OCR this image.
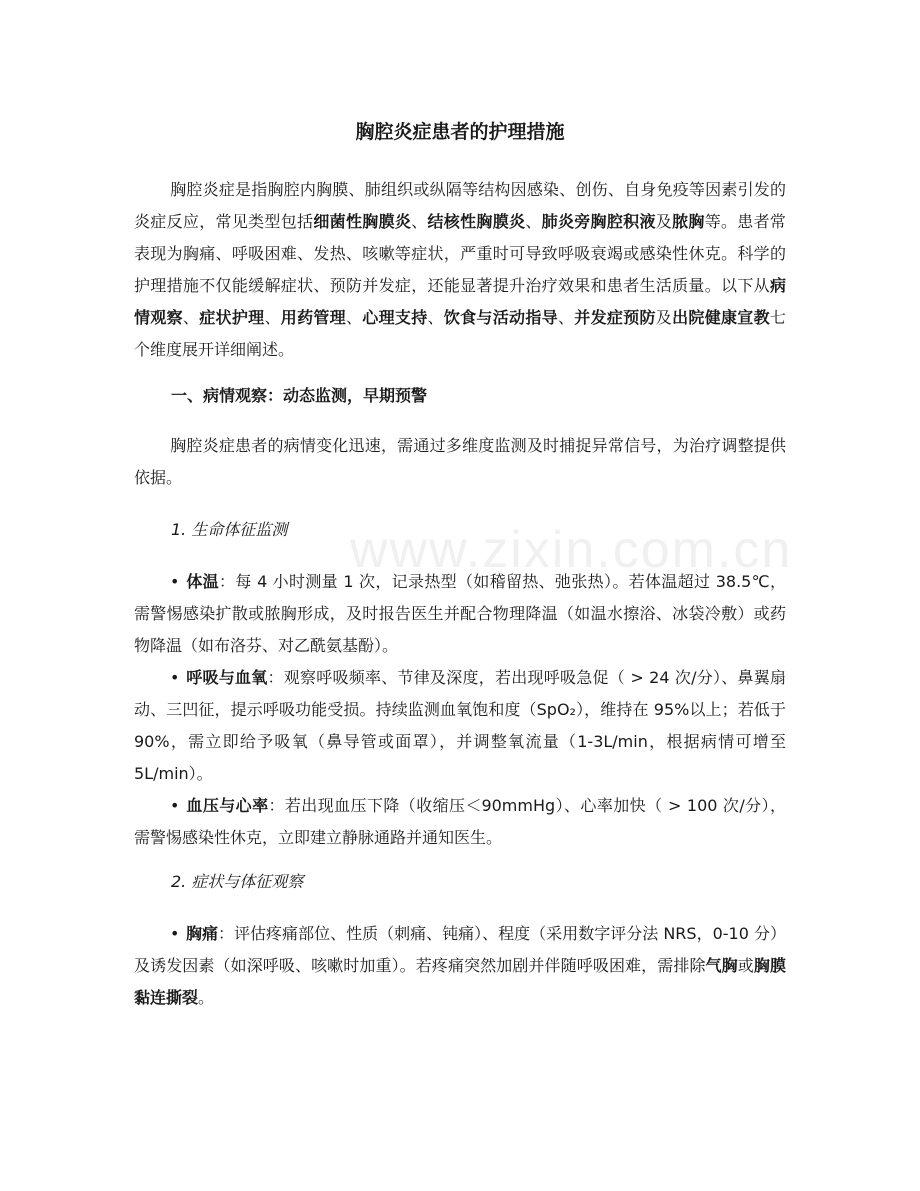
www.zixin.com.cn
胸腔炎症患者的护理措施

胸腔炎症是指胸腔内胸膜、肺组织或纵隔等结构因感染、创伤、自身免疫等因素引发的炎症反应，常见类型包括细菌性胸膜炎、结核性胸膜炎、肺炎旁胸腔积液及脓胸等。患者常表现为胸痛、呼吸困难、发热、咳嗽等症状，严重时可导致呼吸衰竭或感染性休克。科学的护理措施不仅能缓解症状、预防并发症，还能显著提升治疗效果和患者生活质量。以下从病情观察、症状护理、用药管理、心理支持、饮食与活动指导、并发症预防及出院健康宣教七个维度展开详细阐述。

一、病情观察：动态监测，早期预警

胸腔炎症患者的病情变化迅速，需通过多维度监测及时捕捉异常信号，为治疗调整提供依据。

1. 生命体征监测

• 体温：每 4 小时测量 1 次，记录热型（如稽留热、弛张热）。若体温超过 38.5℃，需警惕感染扩散或脓胸形成，及时报告医生并配合物理降温（如温水擦浴、冰袋冷敷）或药物降温（如布洛芬、对乙酰氨基酚）。
• 呼吸与血氧：观察呼吸频率、节律及深度，若出现呼吸急促（ > 24 次/分）、鼻翼扇动、三凹征，提示呼吸功能受损。持续监测血氧饱和度（SpO₂），维持在 95%以上；若低于 90%，需立即给予吸氧（鼻导管或面罩），并调整氧流量（1-3L/min，根据病情可增至 5L/min）。
• 血压与心率：若出现血压下降（收缩压＜90mmHg）、心率加快（ > 100 次/分），需警惕感染性休克，立即建立静脉通路并通知医生。

2. 症状与体征观察

• 胸痛：评估疼痛部位、性质（刺痛、钝痛）、程度（采用数字评分法 NRS，0-10 分）及诱发因素（如深呼吸、咳嗽时加重）。若疼痛突然加剧并伴随呼吸困难，需排除气胸或胸膜黏连撕裂。
